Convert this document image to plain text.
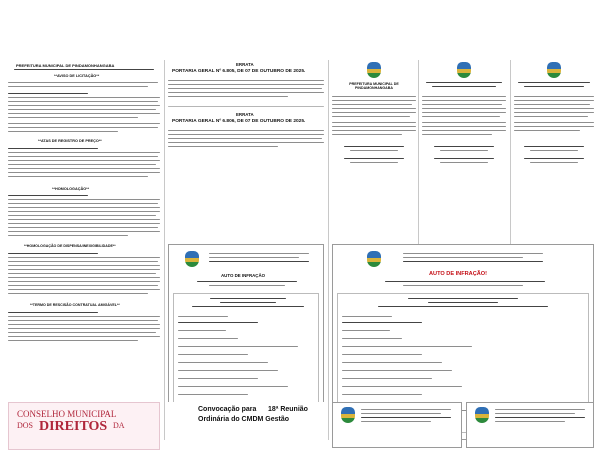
PREFEITURA MUNICIPAL DE PINDAMONHANGABA
**AVISO DE LICITAÇÃO**
**ATAS DE REGISTRO DE PREÇO**
**HOMOLOGAÇÃO**
**HOMOLOGAÇÃO DE DISPENSA/INEXIGIBILIDADE**
**TERMO DE RESCISÃO CONTRATUAL AMIGÁVEL**
ERRATA
PORTARIA GERAL Nº 6.805, DE 07 DE OUTUBRO DE 2025.
ERRATA
PORTARIA GERAL Nº 6.806, DE 07 DE OUTUBRO DE 2025.
PREFEITURA MUNICIPAL DE PINDAMONHANGABA
AUTO DE INFRAÇÃO	AUTO DE INFRAÇÃO!
CONSELHO MUNICIPAL
DOS DIREITOS DA
Convocação para 18ª Reunião
Ordinária do CMDM Gestão
